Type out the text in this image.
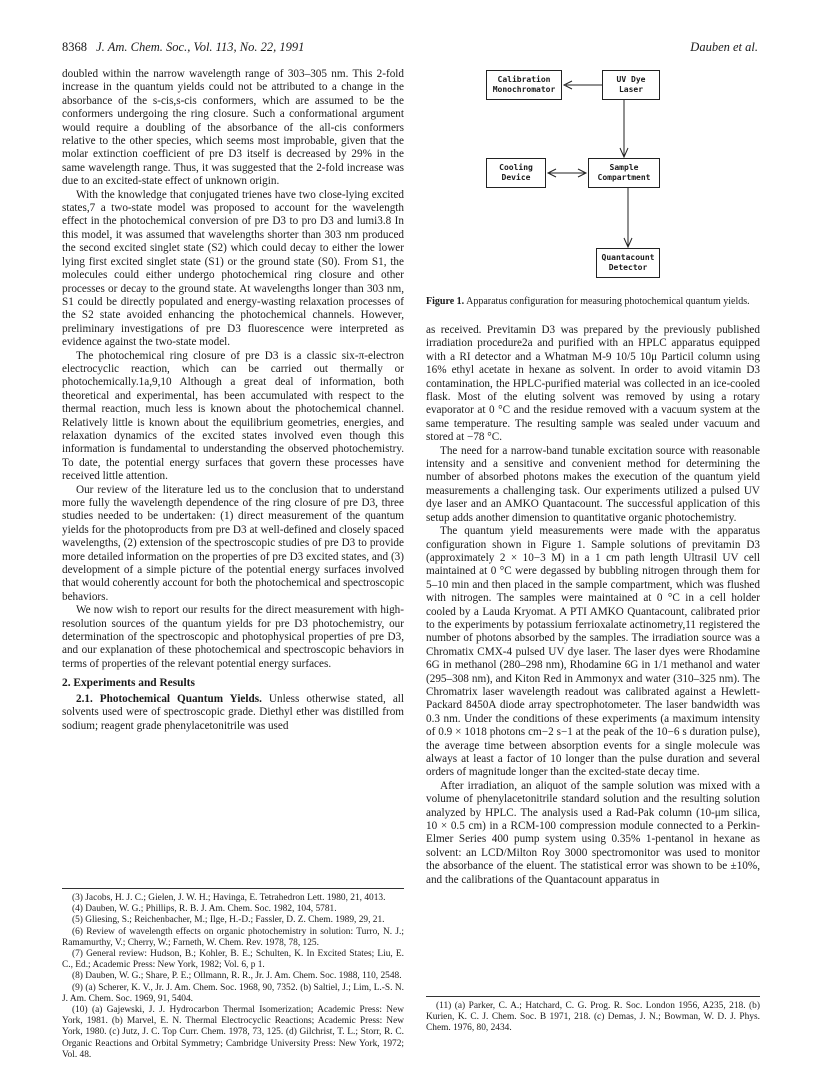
8368 J. Am. Chem. Soc., Vol. 113, No. 22, 1991	Dauben et al.

doubled within the narrow wavelength range of 303–305 nm. This 2-fold increase in the quantum yields could not be attributed to a change in the absorbance of the s-cis,s-cis conformers, which are assumed to be the conformers undergoing the ring closure. Such a conformational argument would require a doubling of the absorbance of the all-cis conformers relative to the other species, which seems most improbable, given that the molar extinction coefficient of pre D3 itself is decreased by 29% in the same wavelength range. Thus, it was suggested that the 2-fold increase was due to an excited-state effect of unknown origin.

With the knowledge that conjugated trienes have two close-lying excited states,7 a two-state model was proposed to account for the wavelength effect in the photochemical conversion of pre D3 to pro D3 and lumi3.8 In this model, it was assumed that wavelengths shorter than 303 nm produced the second excited singlet state (S2) which could decay to either the lower lying first excited singlet state (S1) or the ground state (S0). From S1, the molecules could either undergo photochemical ring closure and other processes or decay to the ground state. At wavelengths longer than 303 nm, S1 could be directly populated and energy-wasting relaxation processes of the S2 state avoided enhancing the photochemical channels. However, preliminary investigations of pre D3 fluorescence were interpreted as evidence against the two-state model.

The photochemical ring closure of pre D3 is a classic six-π-electron electrocyclic reaction, which can be carried out thermally or photochemically.1a,9,10 Although a great deal of information, both theoretical and experimental, has been accumulated with respect to the thermal reaction, much less is known about the photochemical channel. Relatively little is known about the equilibrium geometries, energies, and relaxation dynamics of the excited states involved even though this information is fundamental to understanding the observed photochemistry. To date, the potential energy surfaces that govern these processes have received little attention.

Our review of the literature led us to the conclusion that to understand more fully the wavelength dependence of the ring closure of pre D3, three studies needed to be undertaken: (1) direct measurement of the quantum yields for the photoproducts from pre D3 at well-defined and closely spaced wavelengths, (2) extension of the spectroscopic studies of pre D3 to provide more detailed information on the properties of pre D3 excited states, and (3) development of a simple picture of the potential energy surfaces involved that would coherently account for both the photochemical and spectroscopic behaviors.

We now wish to report our results for the direct measurement with high-resolution sources of the quantum yields for pre D3 photochemistry, our determination of the spectroscopic and photophysical properties of pre D3, and our explanation of these photochemical and spectroscopic behaviors in terms of properties of the relevant potential energy surfaces.

2. Experiments and Results

2.1. Photochemical Quantum Yields. Unless otherwise stated, all solvents used were of spectroscopic grade. Diethyl ether was distilled from sodium; reagent grade phenylacetonitrile was used

(3) Jacobs, H. J. C.; Gielen, J. W. H.; Havinga, E. Tetrahedron Lett. 1980, 21, 4013.

(4) Dauben, W. G.; Phillips, R. B. J. Am. Chem. Soc. 1982, 104, 5781.

(5) Gliesing, S.; Reichenbacher, M.; Ilge, H.-D.; Fassler, D. Z. Chem. 1989, 29, 21.

(6) Review of wavelength effects on organic photochemistry in solution: Turro, N. J.; Ramamurthy, V.; Cherry, W.; Farneth, W. Chem. Rev. 1978, 78, 125.

(7) General review: Hudson, B.; Kohler, B. E.; Schulten, K. In Excited States; Liu, E. C., Ed.; Academic Press: New York, 1982; Vol. 6, p 1.

(8) Dauben, W. G.; Share, P. E.; Ollmann, R. R., Jr. J. Am. Chem. Soc. 1988, 110, 2548.

(9) (a) Scherer, K. V., Jr. J. Am. Chem. Soc. 1968, 90, 7352. (b) Saltiel, J.; Lim, L.-S. N. J. Am. Chem. Soc. 1969, 91, 5404.

(10) (a) Gajewski, J. J. Hydrocarbon Thermal Isomerization; Academic Press: New York, 1981. (b) Marvel, E. N. Thermal Electrocyclic Reactions; Academic Press: New York, 1980. (c) Jutz, J. C. Top Curr. Chem. 1978, 73, 125. (d) Gilchrist, T. L.; Storr, R. C. Organic Reactions and Orbital Symmetry; Cambridge University Press: New York, 1972; Vol. 48.

Calibration
Monochromator
UV Dye
Laser
Cooling
Device
Sample
Compartment
Quantacount
Detector
Figure 1. Apparatus configuration for measuring photochemical quantum yields.

as received. Previtamin D3 was prepared by the previously published irradiation procedure2a and purified with an HPLC apparatus equipped with a RI detector and a Whatman M-9 10/5 10μ Particil column using 16% ethyl acetate in hexane as solvent. In order to avoid vitamin D3 contamination, the HPLC-purified material was collected in an ice-cooled flask. Most of the eluting solvent was removed by using a rotary evaporator at 0 °C and the residue removed with a vacuum system at the same temperature. The resulting sample was sealed under vacuum and stored at −78 °C.

The need for a narrow-band tunable excitation source with reasonable intensity and a sensitive and convenient method for determining the number of absorbed photons makes the execution of the quantum yield measurements a challenging task. Our experiments utilized a pulsed UV dye laser and an AMKO Quantacount. The successful application of this setup adds another dimension to quantitative organic photochemistry.

The quantum yield measurements were made with the apparatus configuration shown in Figure 1. Sample solutions of previtamin D3 (approximately 2 × 10−3 M) in a 1 cm path length Ultrasil UV cell maintained at 0 °C were degassed by bubbling nitrogen through them for 5–10 min and then placed in the sample compartment, which was flushed with nitrogen. The samples were maintained at 0 °C in a cell holder cooled by a Lauda Kryomat. A PTI AMKO Quantacount, calibrated prior to the experiments by potassium ferrioxalate actinometry,11 registered the number of photons absorbed by the samples. The irradiation source was a Chromatix CMX-4 pulsed UV dye laser. The laser dyes were Rhodamine 6G in methanol (280–298 nm), Rhodamine 6G in 1/1 methanol and water (295–308 nm), and Kiton Red in Ammonyx and water (310–325 nm). The Chromatrix laser wavelength readout was calibrated against a Hewlett-Packard 8450A diode array spectrophotometer. The laser bandwidth was 0.3 nm. Under the conditions of these experiments (a maximum intensity of 0.9 × 1018 photons cm−2 s−1 at the peak of the 10−6 s duration pulse), the average time between absorption events for a single molecule was always at least a factor of 10 longer than the pulse duration and several orders of magnitude longer than the excited-state decay time.

After irradiation, an aliquot of the sample solution was mixed with a volume of phenylacetonitrile standard solution and the resulting solution analyzed by HPLC. The analysis used a Rad-Pak column (10-μm silica, 10 × 0.5 cm) in a RCM-100 compression module connected to a Perkin-Elmer Series 400 pump system using 0.35% 1-pentanol in hexane as solvent: an LCD/Milton Roy 3000 spectromonitor was used to monitor the absorbance of the eluent. The statistical error was shown to be ±10%, and the calibrations of the Quantacount apparatus in

(11) (a) Parker, C. A.; Hatchard, C. G. Prog. R. Soc. London 1956, A235, 218. (b) Kurien, K. C. J. Chem. Soc. B 1971, 218. (c) Demas, J. N.; Bowman, W. D. J. Phys. Chem. 1976, 80, 2434.
